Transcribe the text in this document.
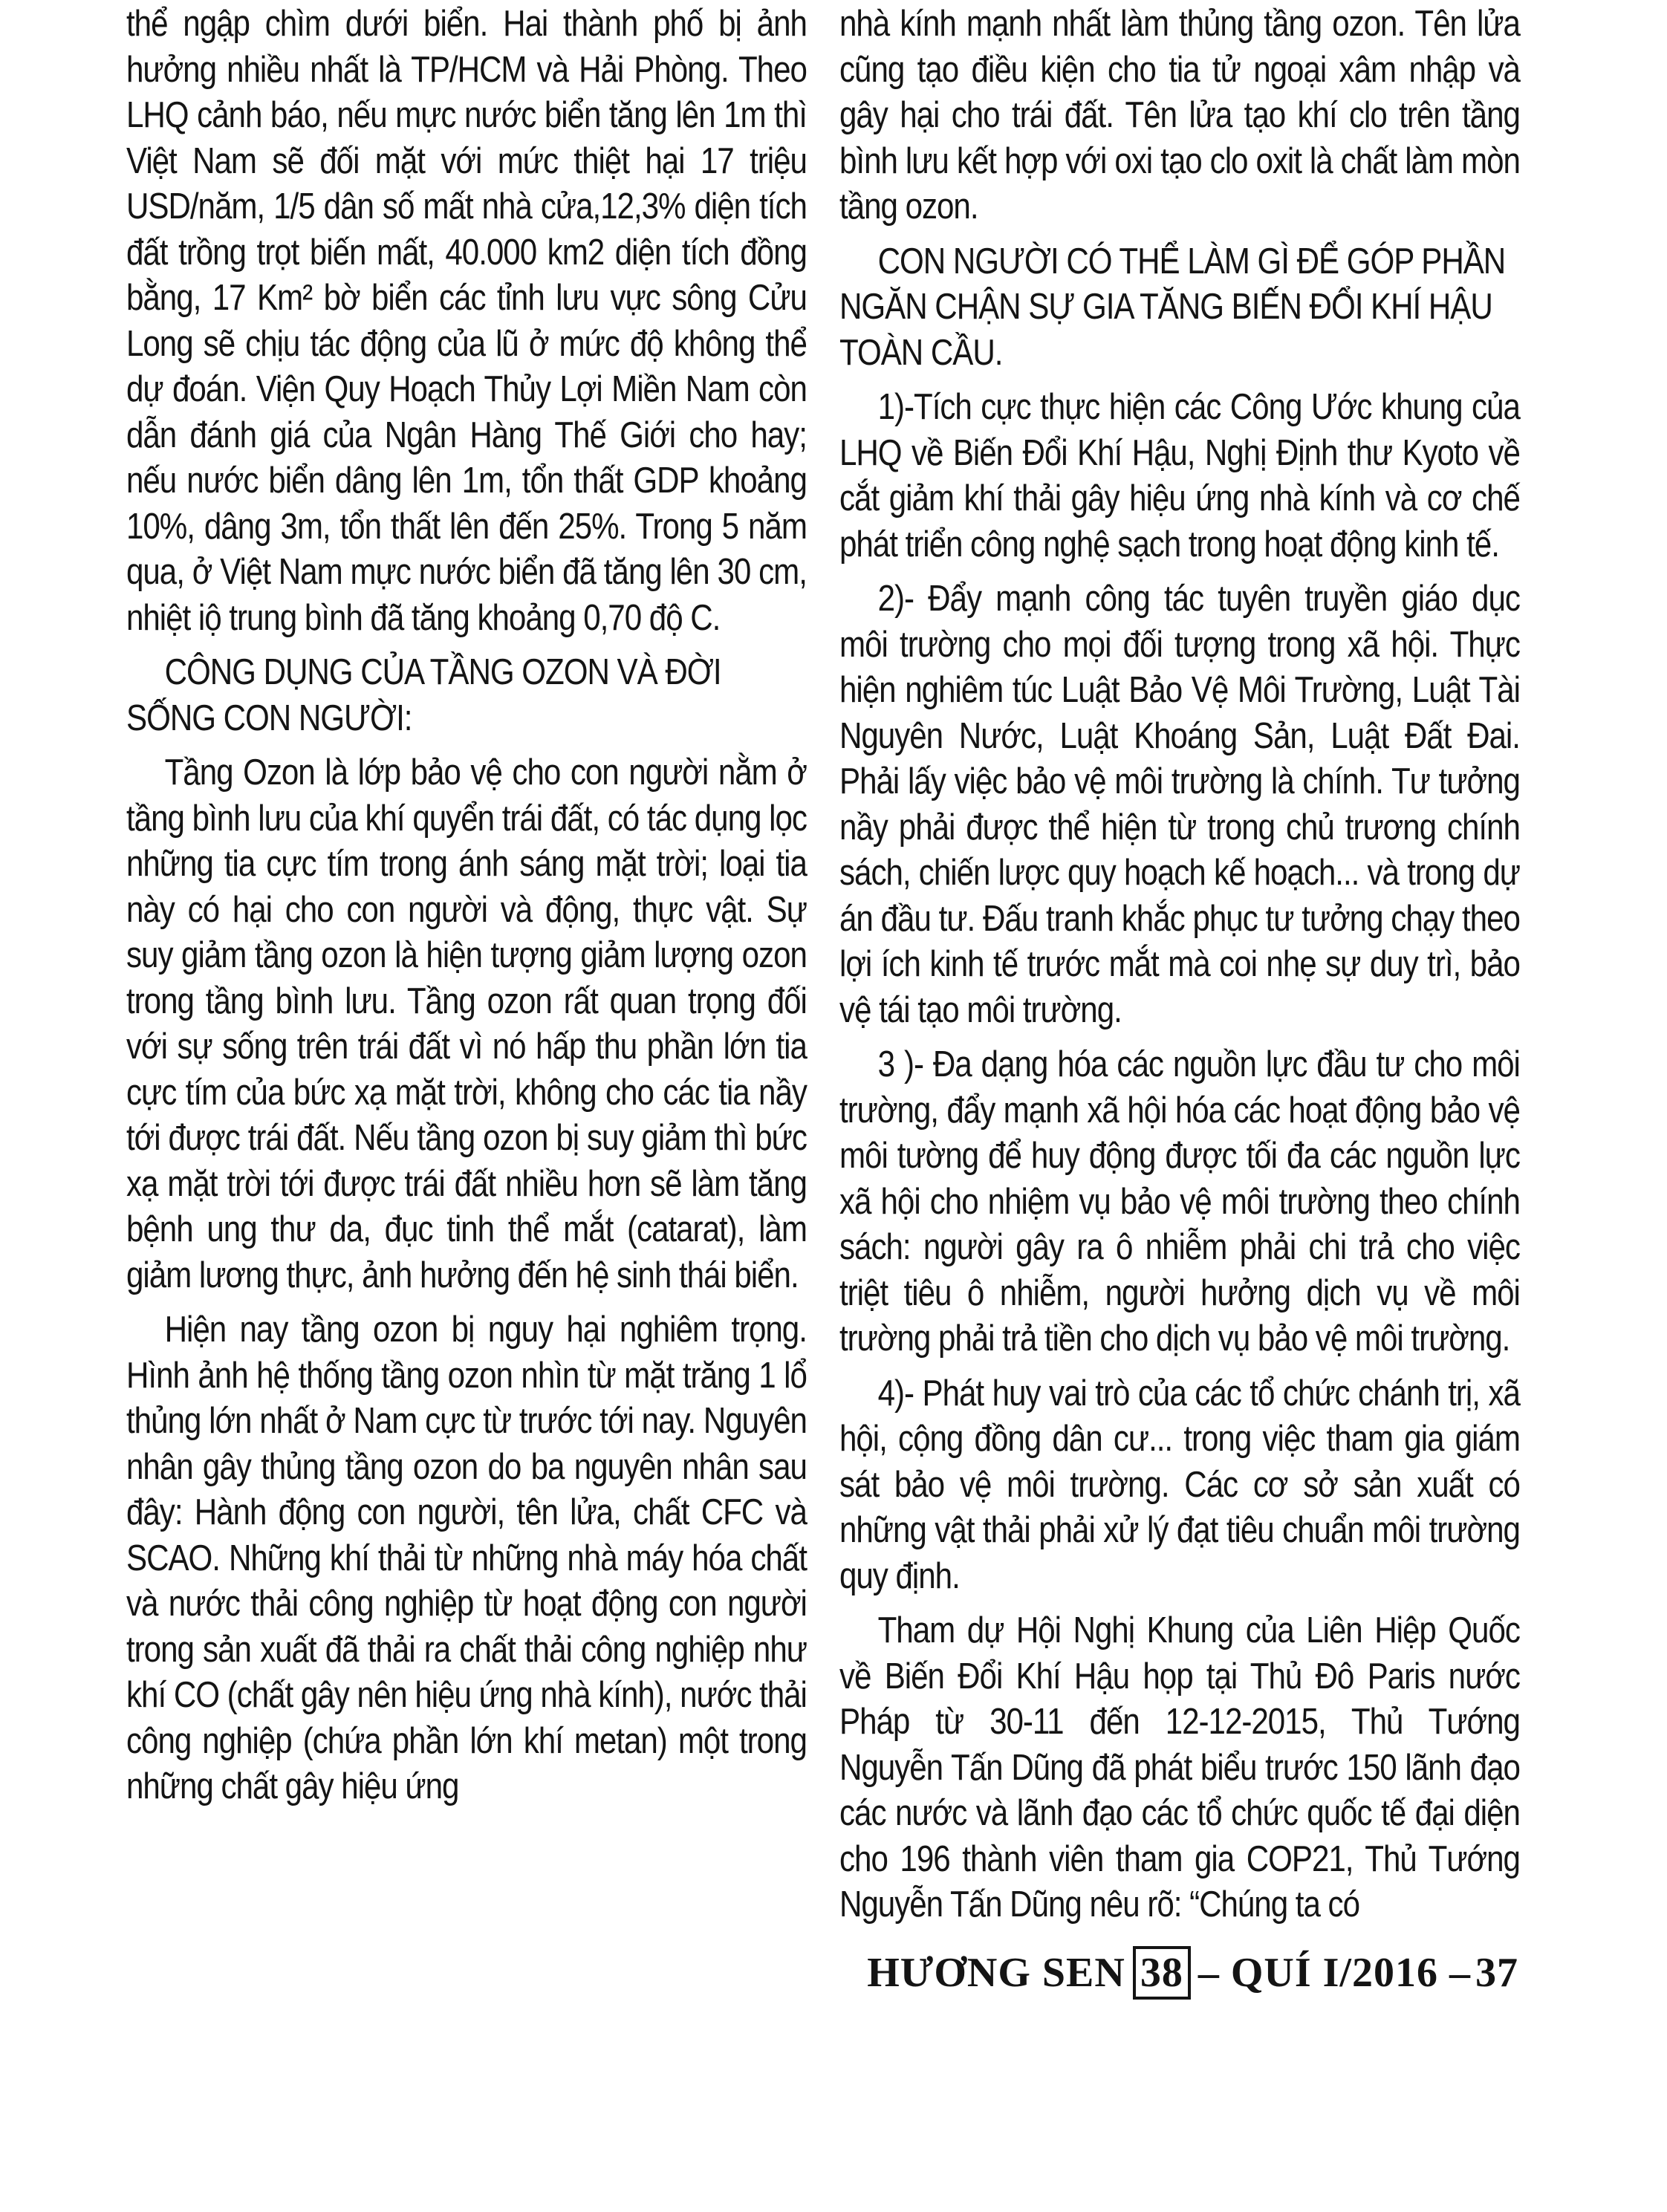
thể ngập chìm dưới biển. Hai thành phố bị ảnh hưởng nhiều nhất là TP/HCM và Hải Phòng. Theo LHQ cảnh báo, nếu mực nước biển tăng lên 1m thì Việt Nam sẽ đối mặt với mức thiệt hại 17 triệu USD/năm, 1/5 dân số mất nhà cửa,12,3% diện tích đất trồng trọt biến mất, 40.000 km2 diện tích đồng bằng, 17 Km² bờ biển các tỉnh lưu vực sông Cửu Long sẽ chịu tác động của lũ ở mức độ không thể dự đoán. Viện Quy Hoạch Thủy Lợi Miền Nam còn dẫn đánh giá của Ngân Hàng Thế Giới cho hay; nếu nước biển dâng lên 1m, tổn thất GDP khoảng 10%, dâng 3m, tổn thất lên đến 25%. Trong 5 năm qua, ở Việt Nam mực nước biển đã tăng lên 30 cm, nhiệt iộ trung bình đã tăng khoảng 0,70 độ C.

CÔNG DỤNG CỦA TẦNG OZON VÀ ĐỜI SỐNG CON NGƯỜI:

Tầng Ozon là lớp bảo vệ cho con người nằm ở tầng bình lưu của khí quyển trái đất, có tác dụng lọc những tia cực tím trong ánh sáng mặt trời; loại tia này có hại cho con người và động, thực vật. Sự suy giảm tầng ozon là hiện tượng giảm lượng ozon trong tầng bình lưu. Tầng ozon rất quan trọng đối với sự sống trên trái đất vì nó hấp thu phần lớn tia cực tím của bức xạ mặt trời, không cho các tia nầy tới được trái đất. Nếu tầng ozon bị suy giảm thì bức xạ mặt trời tới được trái đất nhiều hơn sẽ làm tăng bệnh ung thư da, đục tinh thể mắt (catarat), làm giảm lương thực, ảnh hưởng đến hệ sinh thái biển.

Hiện nay tầng ozon bị nguy hại nghiêm trọng. Hình ảnh hệ thống tầng ozon nhìn từ mặt trăng 1 lổ thủng lớn nhất ở Nam cực từ trước tới nay. Nguyên nhân gây thủng tầng ozon do ba nguyên nhân sau đây: Hành động con người, tên lửa, chất CFC và SCAO. Những khí thải từ những nhà máy hóa chất và nước thải công nghiệp từ hoạt động con người trong sản xuất đã thải ra chất thải công nghiệp như khí CO (chất gây nên hiệu ứng nhà kính), nước thải công nghiệp (chứa phần lớn khí metan) một trong những chất gây hiệu ứng

nhà kính mạnh nhất làm thủng tầng ozon. Tên lửa cũng tạo điều kiện cho tia tử ngoại xâm nhập và gây hại cho trái đất. Tên lửa tạo khí clo trên tầng bình lưu kết hợp với oxi tạo clo oxit là chất làm mòn tầng ozon.

CON NGƯỜI CÓ THỂ LÀM GÌ ĐỂ GÓP PHẦN NGĂN CHẬN SỰ GIA TĂNG BIẾN ĐỔI KHÍ HẬU TOÀN CẦU.

1)-Tích cực thực hiện các Công Ước khung của LHQ về Biến Đổi Khí Hậu, Nghị Định thư Kyoto về cắt giảm khí thải gây hiệu ứng nhà kính và cơ chế phát triển công nghệ sạch trong hoạt động kinh tế.

2)- Đẩy mạnh công tác tuyên truyền giáo dục môi trường cho mọi đối tượng trong xã hội. Thực hiện nghiêm túc Luật Bảo Vệ Môi Trường, Luật Tài Nguyên Nước, Luật Khoáng Sản, Luật Đất Đai. Phải lấy việc bảo vệ môi trường là chính. Tư tưởng nầy phải được thể hiện từ trong chủ trương chính sách, chiến lược quy hoạch kế hoạch... và trong dự án đầu tư. Đấu tranh khắc phục tư tưởng chạy theo lợi ích kinh tế trước mắt mà coi nhẹ sự duy trì, bảo vệ tái tạo môi trường.

3 )- Đa dạng hóa các nguồn lực đầu tư cho môi trường, đẩy mạnh xã hội hóa các hoạt động bảo vệ môi tường để huy động được tối đa các nguồn lực xã hội cho nhiệm vụ bảo vệ môi trường theo chính sách: người gây ra ô nhiễm phải chi trả cho việc triệt tiêu ô nhiễm, người hưởng dịch vụ về môi trường phải trả tiền cho dịch vụ bảo vệ môi trường.

4)- Phát huy vai trò của các tổ chức chánh trị, xã hội, cộng đồng dân cư... trong việc tham gia giám sát bảo vệ môi trường. Các cơ sở sản xuất có những vật thải phải xử lý đạt tiêu chuẩn môi trường quy định.

Tham dự Hội Nghị Khung của Liên Hiệp Quốc về Biến Đổi Khí Hậu họp tại Thủ Đô Paris nước Pháp từ 30-11 đến 12-12-2015, Thủ Tướng Nguyễn Tấn Dũng đã phát biểu trước 150 lãnh đạo các nước và lãnh đạo các tổ chức quốc tế đại diện cho 196 thành viên tham gia COP21, Thủ Tướng Nguyễn Tấn Dũng nêu rõ: “Chúng ta có

HƯƠNG SEN 38 – QUÍ I/2016 – 37
